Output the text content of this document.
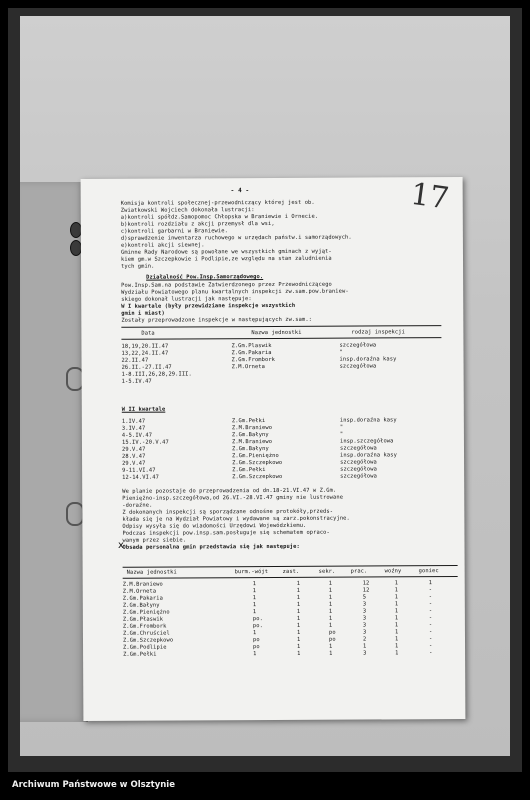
- 4 -	17
Komisja kontroli społecznej-przewodniczący której jest ob.
Zwiatkowski Wojciech dokonała lustracji:
a)kontroli spółdz.Samopomoc Chłopska w Braniewie i Ornecie.
b)kontroli rozdziału z akcji przemysł dla wsi,
c)kontroli garbarni w Braniewie.
d)sprawdzenie inwentarza ruchowego w urzędach państw.i samorządowych.
e)kontroli akcji siewnej.
Gminne Rady Narodowe są powołane we wszystkich gminach z wyjąt-
kiem gm.w Szczepkowie i Podlipie,ze względu na stan zaludnienia
tych gmin.
Działalność Pow.Insp.Samorządowego.
Pow.Insp.Sam.na podstawie Zatwierdzonego przez Przewodniczącego
Wydziału Powiatowego planu kwartalnych inspekcji zw.sam.pow.braniew-
skiego dokonał lustracji jak następuje:
W I kwartale (były przewidziane inspekcje wszystkich
gmin i miast)
Zostały przeprowadzone inspekcje w następujących zw.sam.:
Data	Nazwa jednostki	rodzaj inspekcji
18,19,20.II.47	Z.Gm.Plaswik	szczegółowa
13,22,24.II.47	Z.Gm.Pakaria	"
22.II.47	Z.Gm.Frombork	insp.doraźna kasy
26.II.-27.II.47	Z.M.Orneta	szczegółowa
1-8.III,26,28,29.III.
1-5.IV.47
W II kwartale
1.IV.47	Z.Gm.Pełki	insp.doraźna kasy
3.IV.47	Z.M.Braniewo	"
4-5.IV.47	Z.Gm.Bałyny	"
15.IV.-20.V.47	Z.M.Braniewo	insp.szczegółowa
29.V.47	Z.Gm.Bałyny	szczegółowa
28.V.47	Z.Gm.Pieniężno	insp.doraźna kasy
29.V.47	Z.Gm.Szczepkowo	szczegółowa
9-11.VI.47	Z.Gm.Pełki	szczegółowa
12-14.VI.47	Z.Gm.Szczepkowo	szczegółowa
We planie pozostaje do przeprowadzenia od dn.18-21.VI.47 w Z.Gm.
Pieniężno-insp.szczegółowa,od 26.VI.-28.VI.47 gminy nie lustrowane
-doraźne.
Z dokonanych inspekcji są sporządzane odnośne protokóły,przeds-
kłada się je na Wydział Powiatowy i wydawane są zarz.pokonstracyjne.
Odpisy wysyła się do wiadomości Urzędowi Wojewódzkiemu.
Podczas inspekcji pow.insp.sam.posługuje się schematem opraco-
wanym przez siebie.
Obsada personalna gmin przedstawia się jak następuje:
Nazwa jednostki	burm.-wójt	zast.	sekr.	prac.	woźny	goniec
Z.M.Braniewo	1	1	1	12	1	1
Z.M.Orneta	1	1	1	12	1	-
Z.Gm.Pakaria	1	1	1	5	1	-
Z.Gm.Bałyny	1	1	1	3	1	-
Z.Gm.Pieniężno	1	1	1	3	1	-
Z.Gm.Płaswik	po.	1	1	3	1	-
Z.Gm.Frombork	po.	1	1	3	1	-
Z.Gm.Chruściel	1	1	po	3	1	-
Z.Gm.Szczepkowo	po	1	po	2	1	-
Z.Gm.Podlipie	po	1	1	1	1	-
Z.Gm.Pełki	1	1	1	3	1	-
x
Archiwum Państwowe w Olsztynie
